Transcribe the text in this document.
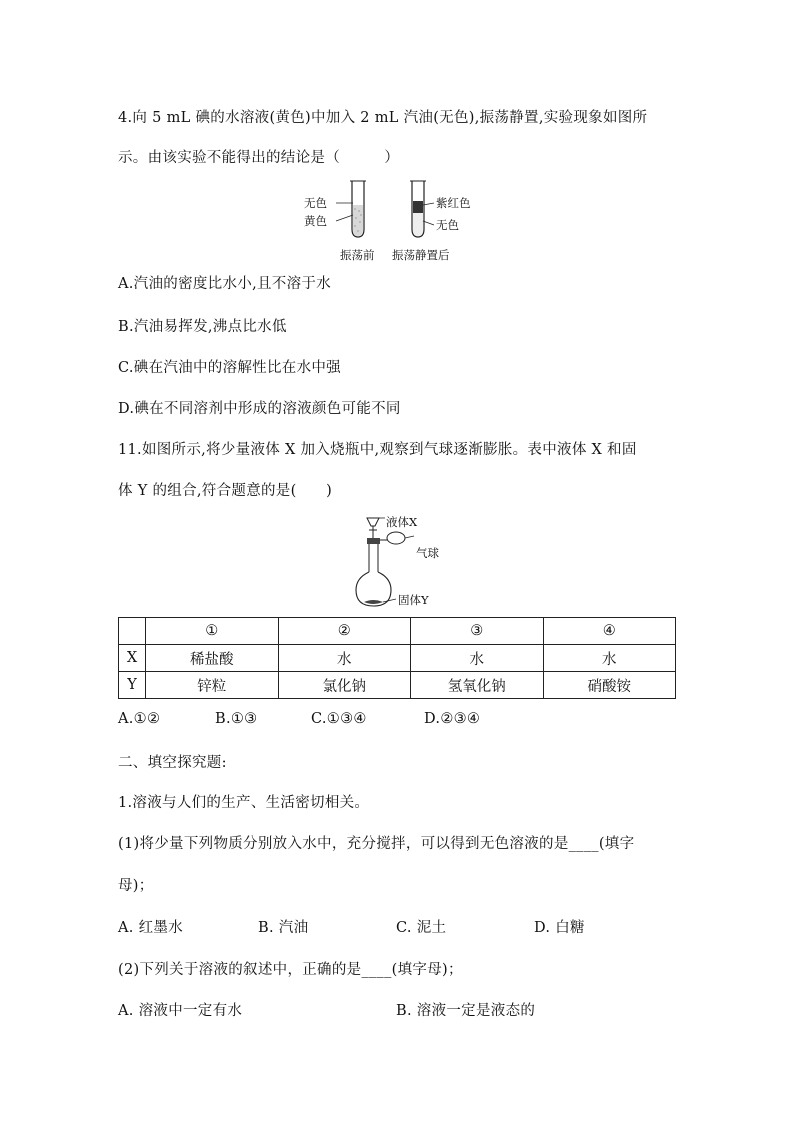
4.向 5 mL 碘的水溶液(黄色)中加入 2 mL 汽油(无色),振荡静置,实验现象如图所
示。由该实验不能得出的结论是（　　　）
无色
黄色
紫红色
无色
振荡前 振荡静置后
A.汽油的密度比水小,且不溶于水
B.汽油易挥发,沸点比水低
C.碘在汽油中的溶解性比在水中强
D.碘在不同溶剂中形成的溶液颜色可能不同
11.如图所示,将少量液体 X 加入烧瓶中,观察到气球逐渐膨胀。表中液体 X 和固
体 Y 的组合,符合题意的是(　　)
液体X
气球
固体Y
	①	②	③	④
X	稀盐酸	水	水	水
Y	锌粒	氯化钠	氢氧化钠	硝酸铵
A.①②	B.①③	C.①③④	D.②③④
二、填空探究题:
1.溶液与人们的生产、生活密切相关。
(1)将少量下列物质分别放入水中，充分搅拌，可以得到无色溶液的是____(填字
母)；
A. 红墨水	B. 汽油	C. 泥土	D. 白糖
(2)下列关于溶液的叙述中，正确的是____(填字母)；
A. 溶液中一定有水	B. 溶液一定是液态的
